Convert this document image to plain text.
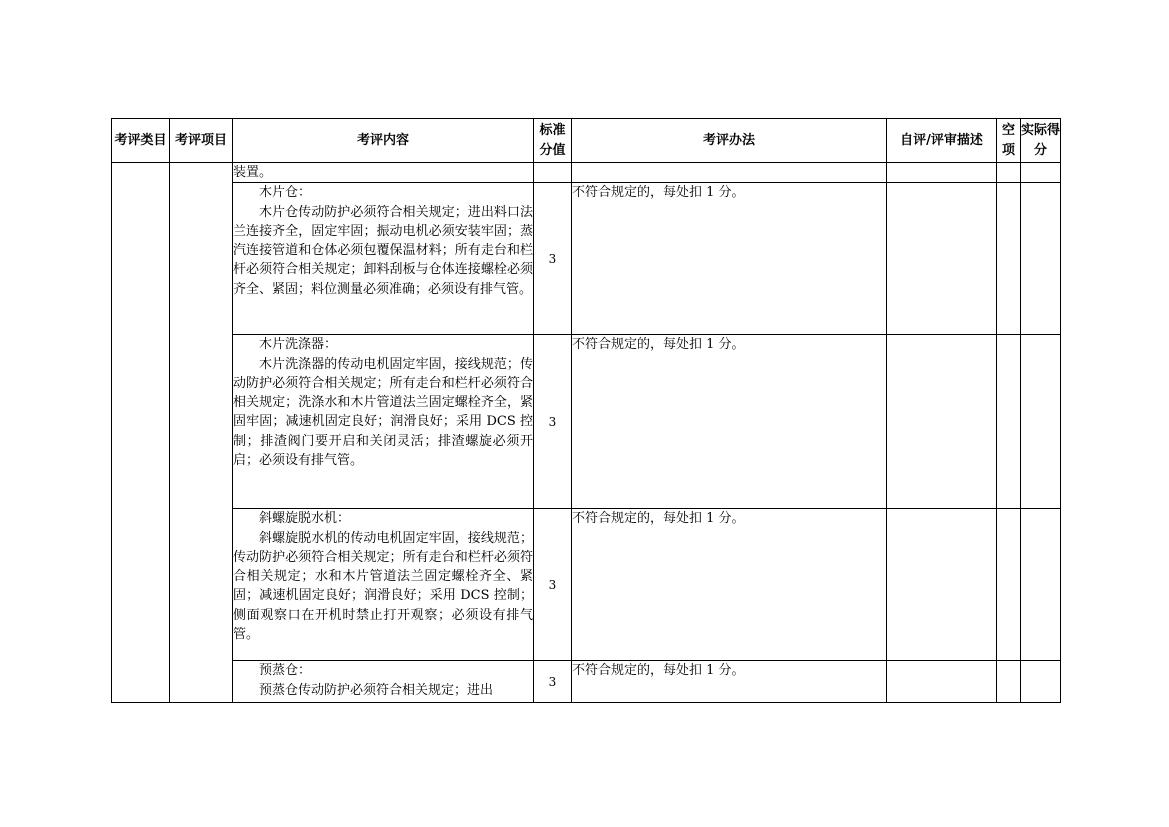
考评类目	考评项目	考评内容	标准分值	考评办法	自评/评审描述	空项	实际得分

		装置。					

		木片仓：
木片仓传动防护必须符合相关规定；进出料口法兰连接齐全，固定牢固；振动电机必须安装牢固；蒸汽连接管道和仓体必须包覆保温材料；所有走台和栏杆必须符合相关规定；卸料刮板与仓体连接螺栓必须齐全、紧固；料位测量必须准确；必须设有排气管。	3	不符合规定的，每处扣 1 分。			

		木片洗涤器：
木片洗涤器的传动电机固定牢固，接线规范；传动防护必须符合相关规定；所有走台和栏杆必须符合相关规定；洗涤水和木片管道法兰固定螺栓齐全，紧固牢固；减速机固定良好；润滑良好；采用 DCS 控制；排渣阀门要开启和关闭灵活；排渣螺旋必须开启；必须设有排气管。	3	不符合规定的，每处扣 1 分。			

		斜螺旋脱水机：
斜螺旋脱水机的传动电机固定牢固，接线规范；传动防护必须符合相关规定；所有走台和栏杆必须符合相关规定；水和木片管道法兰固定螺栓齐全、紧固；减速机固定良好；润滑良好；采用 DCS 控制；侧面观察口在开机时禁止打开观察；必须设有排气管。	3	不符合规定的，每处扣 1 分。			

		预蒸仓：
预蒸仓传动防护必须符合相关规定；进出	3	不符合规定的，每处扣 1 分。			
